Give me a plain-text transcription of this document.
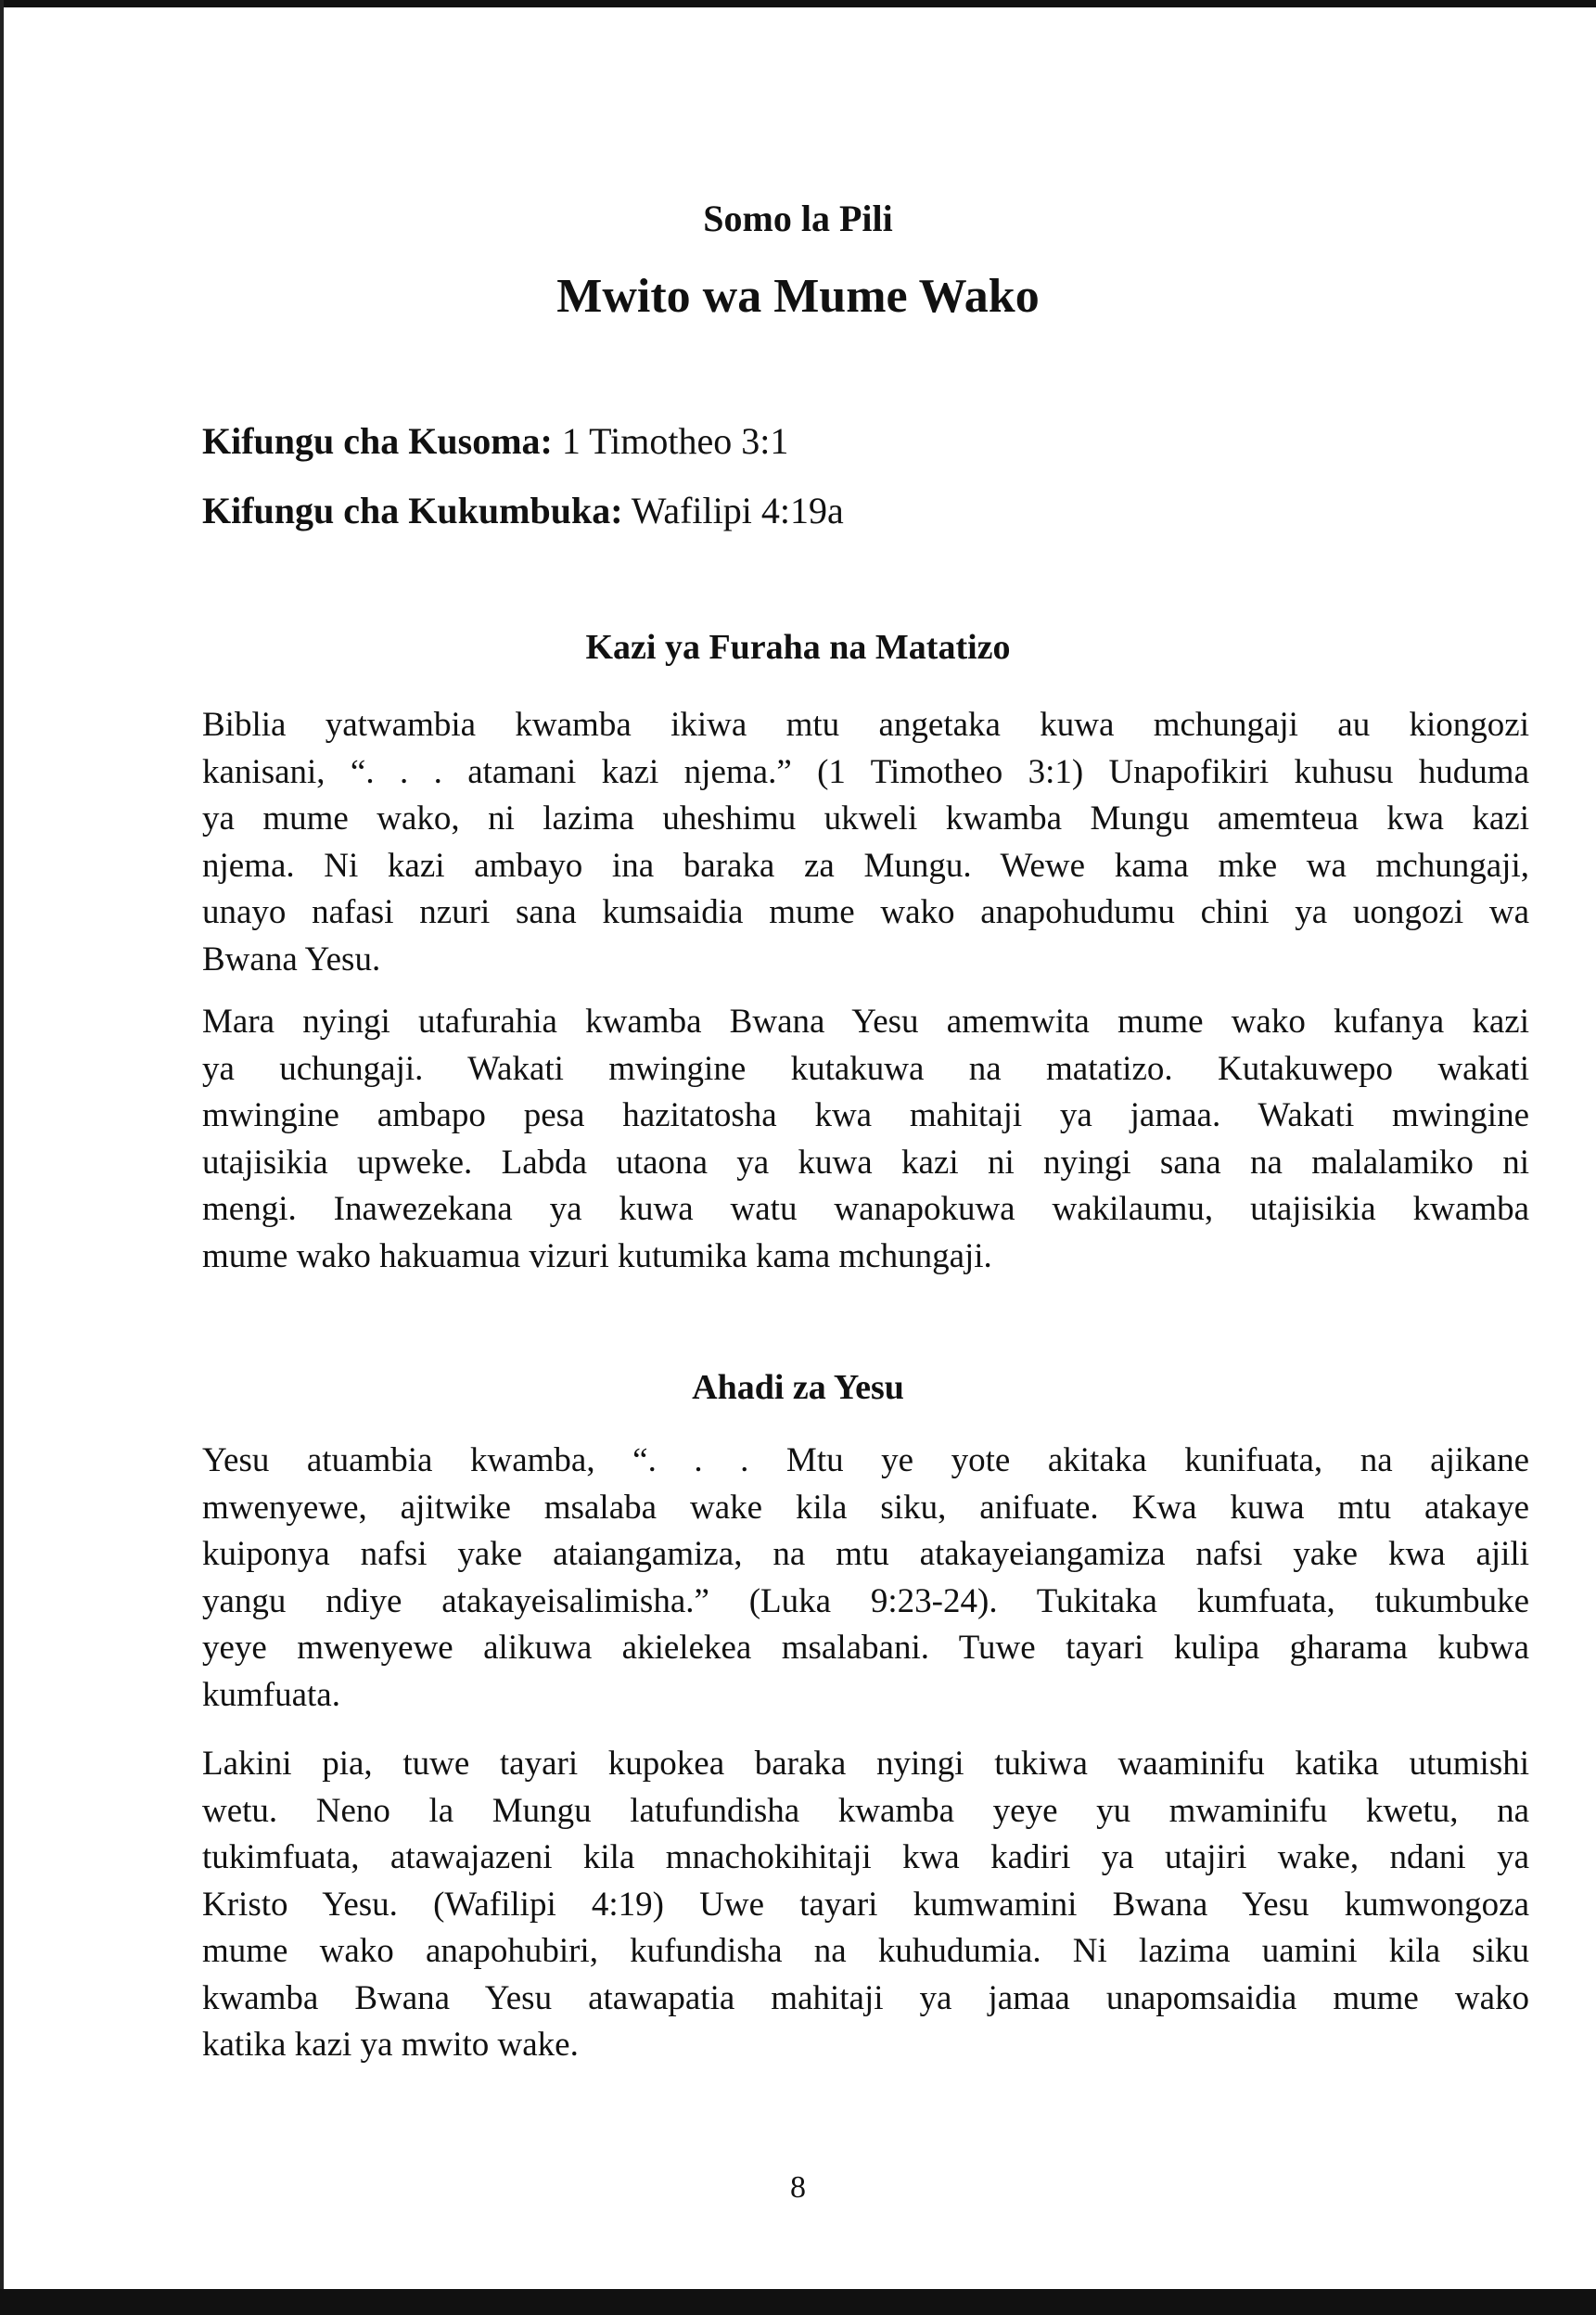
Somo la Pili
Mwito wa Mume Wako
Kifungu cha Kusoma: 1 Timotheo 3:1
Kifungu cha Kukumbuka: Wafilipi 4:19a
Kazi ya Furaha na Matatizo
Biblia yatwambia kwamba ikiwa mtu angetaka kuwa mchungaji au kiongozi
kanisani, “. . . atamani kazi njema.” (1 Timotheo 3:1) Unapofikiri kuhusu huduma
ya mume wako, ni lazima uheshimu ukweli kwamba Mungu amemteua kwa kazi
njema. Ni kazi ambayo ina baraka za Mungu. Wewe kama mke wa mchungaji,
unayo nafasi nzuri sana kumsaidia mume wako anapohudumu chini ya uongozi wa
Bwana Yesu.
Mara nyingi utafurahia kwamba Bwana Yesu amemwita mume wako kufanya kazi
ya uchungaji. Wakati mwingine kutakuwa na matatizo. Kutakuwepo wakati
mwingine ambapo pesa hazitatosha kwa mahitaji ya jamaa. Wakati mwingine
utajisikia upweke. Labda utaona ya kuwa kazi ni nyingi sana na malalamiko ni
mengi. Inawezekana ya kuwa watu wanapokuwa wakilaumu, utajisikia kwamba
mume wako hakuamua vizuri kutumika kama mchungaji.
Ahadi za Yesu
Yesu atuambia kwamba, “. . . Mtu ye yote akitaka kunifuata, na ajikane
mwenyewe, ajitwike msalaba wake kila siku, anifuate. Kwa kuwa mtu atakaye
kuiponya nafsi yake ataiangamiza, na mtu atakayeiangamiza nafsi yake kwa ajili
yangu ndiye atakayeisalimisha.” (Luka 9:23-24). Tukitaka kumfuata, tukumbuke
yeye mwenyewe alikuwa akielekea msalabani. Tuwe tayari kulipa gharama kubwa
kumfuata.
Lakini pia, tuwe tayari kupokea baraka nyingi tukiwa waaminifu katika utumishi
wetu. Neno la Mungu latufundisha kwamba yeye yu mwaminifu kwetu, na
tukimfuata, atawajazeni kila mnachokihitaji kwa kadiri ya utajiri wake, ndani ya
Kristo Yesu. (Wafilipi 4:19) Uwe tayari kumwamini Bwana Yesu kumwongoza
mume wako anapohubiri, kufundisha na kuhudumia. Ni lazima uamini kila siku
kwamba Bwana Yesu atawapatia mahitaji ya jamaa unapomsaidia mume wako
katika kazi ya mwito wake.
8
